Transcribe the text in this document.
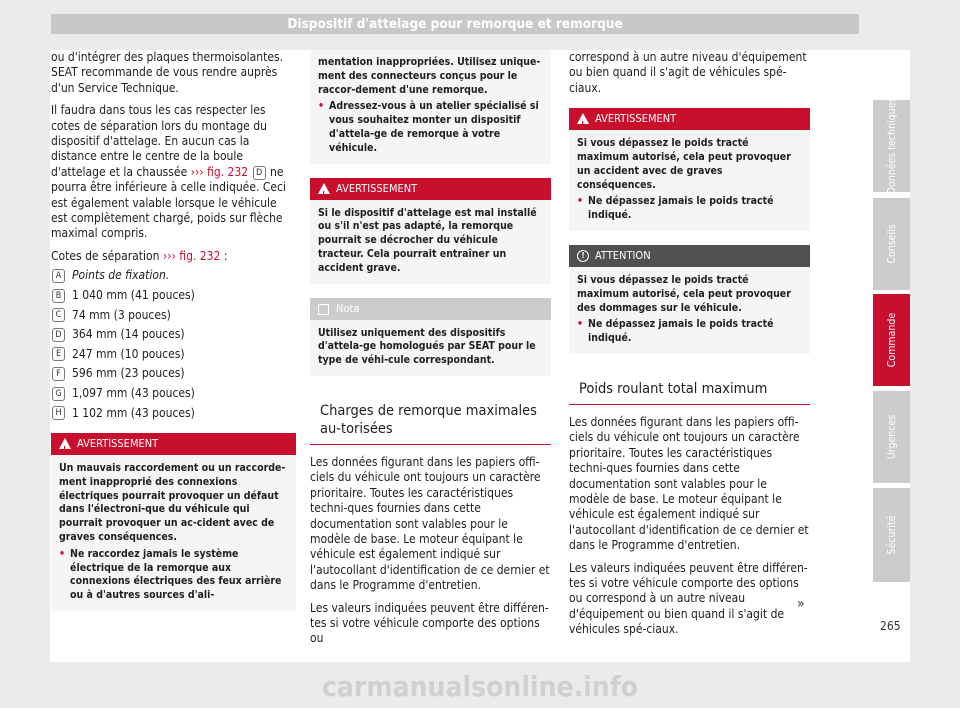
Dispositif d'attelage pour remorque et remorque

ou d'intégrer des plaques thermoisolantes. SEAT recommande de vous rendre auprès d'un Service Technique.

Il faudra dans tous les cas respecter les cotes de séparation lors du montage du dispositif d'attelage. En aucun cas la distance entre le centre de la boule d'attelage et la chaussée ››› fig. 232 D ne pourra être inférieure à celle indiquée. Ceci est également valable lorsque le véhicule est complètement chargé, poids sur flèche maximal compris.

Cotes de séparation ››› fig. 232 :

A Points de fixation.
B 1 040 mm (41 pouces)
C 74 mm (3 pouces)
D 364 mm (14 pouces)
E 247 mm (10 pouces)
F 596 mm (23 pouces)
G 1,097 mm (43 pouces)
H 1 102 mm (43 pouces)
!
AVERTISSEMENT

Un mauvais raccordement ou un raccorde-ment inapproprié des connexions électriques pourrait provoquer un défaut dans l'électroni-que du véhicule qui pourrait provoquer un ac-cident avec de graves conséquences.

• Ne raccordez jamais le système électrique de la remorque aux connexions électriques des feux arrière ou à d'autres sources d'ali-

mentation inappropriées. Utilisez unique-ment des connecteurs conçus pour le raccor-dement d'une remorque.

• Adressez-vous à un atelier spécialisé si vous souhaitez monter un dispositif d'attela-ge de remorque à votre véhicule.
!
AVERTISSEMENT

Si le dispositif d'attelage est mal installé ou s'il n'est pas adapté, la remorque pourrait se décrocher du véhicule tracteur. Cela pourrait entraîner un accident grave.

Nota

Utilisez uniquement des dispositifs d'attela-ge homologués par SEAT pour le type de véhi-cule correspondant.

Charges de remorque maximales au-torisées

Les données figurant dans les papiers offi-ciels du véhicule ont toujours un caractère prioritaire. Toutes les caractéristiques techni-ques fournies dans cette documentation sont valables pour le modèle de base. Le moteur équipant le véhicule est également indiqué sur l'autocollant d'identification de ce dernier et dans le Programme d'entretien.

Les valeurs indiquées peuvent être différen-tes si votre véhicule comporte des options ou

correspond à un autre niveau d'équipement ou bien quand il s'agit de véhicules spé-ciaux.

!
AVERTISSEMENT

Si vous dépassez le poids tracté maximum autorisé, cela peut provoquer un accident avec de graves conséquences.

• Ne dépassez jamais le poids tracté indiqué.
! ATTENTION

Si vous dépassez le poids tracté maximum autorisé, cela peut provoquer des dommages sur le véhicule.

• Ne dépassez jamais le poids tracté indiqué.
Poids roulant total maximum

Les données figurant dans les papiers offi-ciels du véhicule ont toujours un caractère prioritaire. Toutes les caractéristiques techni-ques fournies dans cette documentation sont valables pour le modèle de base. Le moteur équipant le véhicule est également indiqué sur l'autocollant d'identification de ce dernier et dans le Programme d'entretien.

Les valeurs indiquées peuvent être différen-tes si votre véhicule comporte des options ou correspond à un autre niveau d'équipement ou bien quand il s'agit de véhicules spé-ciaux.

»
Données techniques
Conseils
Commande
Urgences
Sécurité
265
carmanualsonline.info
